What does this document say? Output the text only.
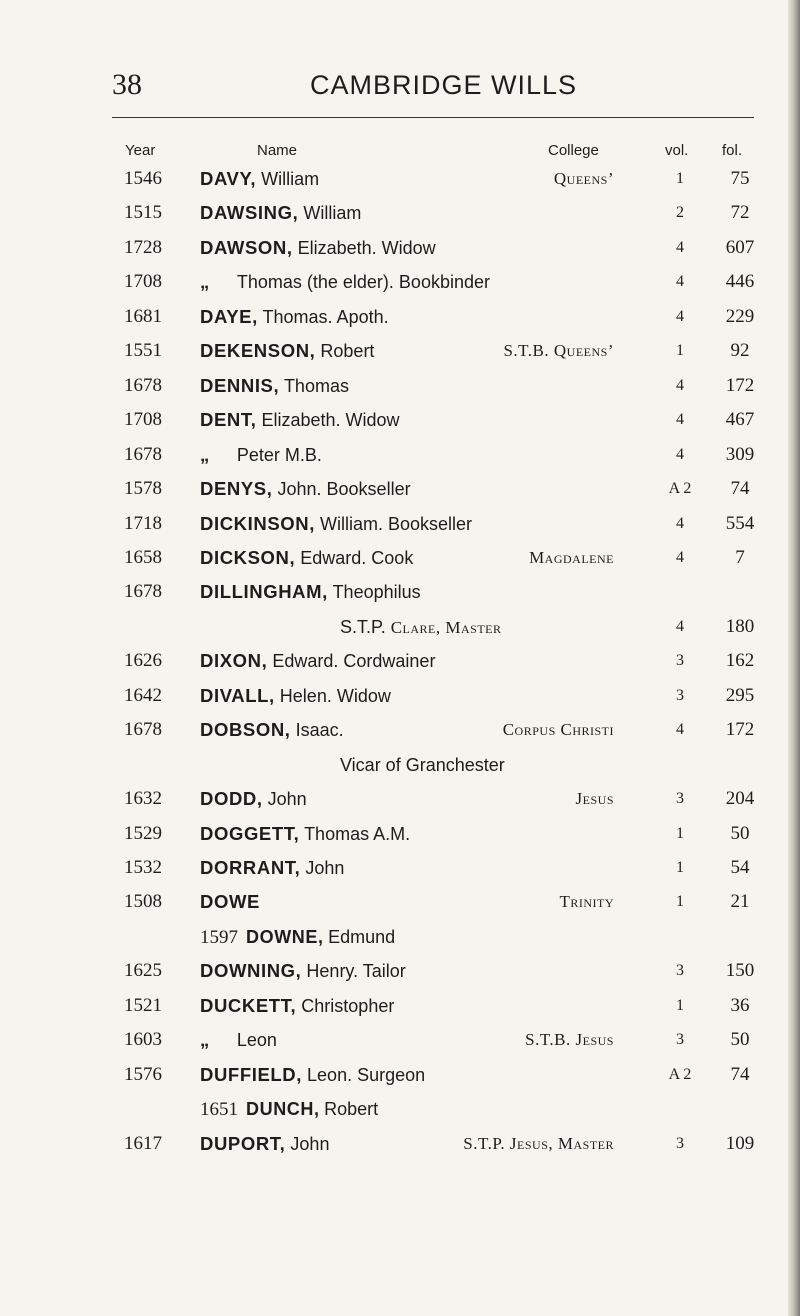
38	CAMBRIDGE WILLS
Year	Name	College	vol. fol.
1546 DAVY, William	Queens’	1	75
1515 DAWSING, William	2	72
1728 DAWSON, Elizabeth. Widow	4	607
1708 „   Thomas (the elder). Bookbinder	4	446
1681 DAYE, Thomas. Apoth.	4	229
1551 DEKENSON, Robert	S.T.B. Queens’	1	92
1678 DENNIS, Thomas	4	172
1708 DENT, Elizabeth. Widow	4	467
1678 „   Peter M.B.	4	309
1578 DENYS, John. Bookseller	A 2	74
1718 DICKINSON, William. Bookseller	4	554
1658 DICKSON, Edward. Cook	Magdalene	4	7
1678 DILLINGHAM, Theophilus
S.T.P. Clare, Master	4	180
1626 DIXON, Edward. Cordwainer	3	162
1642 DIVALL, Helen. Widow	3	295
1678 DOBSON, Isaac.	Corpus Christi	4	172
Vicar of Granchester
1632 DODD, John	Jesus	3	204
1529 DOGGETT, Thomas A.M.	1	50
1532 DORRANT, John	1	54
1508 DOWE	Trinity	1	21
1597 DOWNE, Edmund
1625 DOWNING, Henry. Tailor	3	150
1521 DUCKETT, Christopher	1	36
1603 „   Leon	S.T.B. Jesus	3	50
1576 DUFFIELD, Leon. Surgeon	A 2	74
1651 DUNCH, Robert
1617 DUPORT, John	S.T.P. Jesus, Master	3	109
